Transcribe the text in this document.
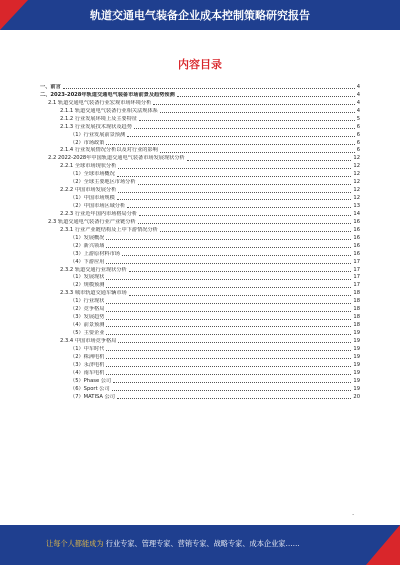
轨道交通电气装备企业成本控制策略研究报告
内容目录
一、前言	4
二、2023-2028年轨道交通电气装备市场前景及趋势预测	4
2.1 轨道交通电气装备行业宏观市场环境分析	4
2.1.1 轨道交通电气装备行业相关法规体系	4
2.1.2 行业发展环境上及主要特征	5
2.1.3 行业发展技术现状及趋势	6
（1）行业发展前景预测	6
（2）市场政策	6
2.1.4 行业发展情况分析以及对行业的影响	6
2.2 2022-2028年中国轨道交通电气装备市场发展现状分析	12
2.2.1 全球市场现状分析	12
（1）全球市场概况	12
（2）全球主要地区市场分析	12
2.2.2 中国市场发展分析	12
（1）中国市场规模	12
（2）中国市场区域分析	13
2.2.3 行业近年国内市场格局分析	14
2.3 轨道交通电气装备行业产业链分析	16
2.3.1 行业产业链结构及上中下游情况分析	16
（1）发展概况	16
（2）新兴领域	16
（3）上游原材料市场	16
（4）下游应用	17
2.3.2 轨道交通行业现状分析	17
（1）发展现状	17
（2）规模预测	17
2.3.3 城市轨道交通车辆市场	18
（1）行业现状	18
（2）竞争格局	18
（3）发展趋势	18
（4）前景预测	18
（5）主要企业	19
2.3.4 中国市场竞争格局	19
（1）中车时代	19
（2）株洲电机	19
（3）永济电机	19
（4）南车电机	19
（5）Phase 公司	19
（6）Sport 公司	19
（7）MATISA 公司	20
-
让每个人都能成为 行业专家、管理专家、营销专家、战略专家、成本企业家……
